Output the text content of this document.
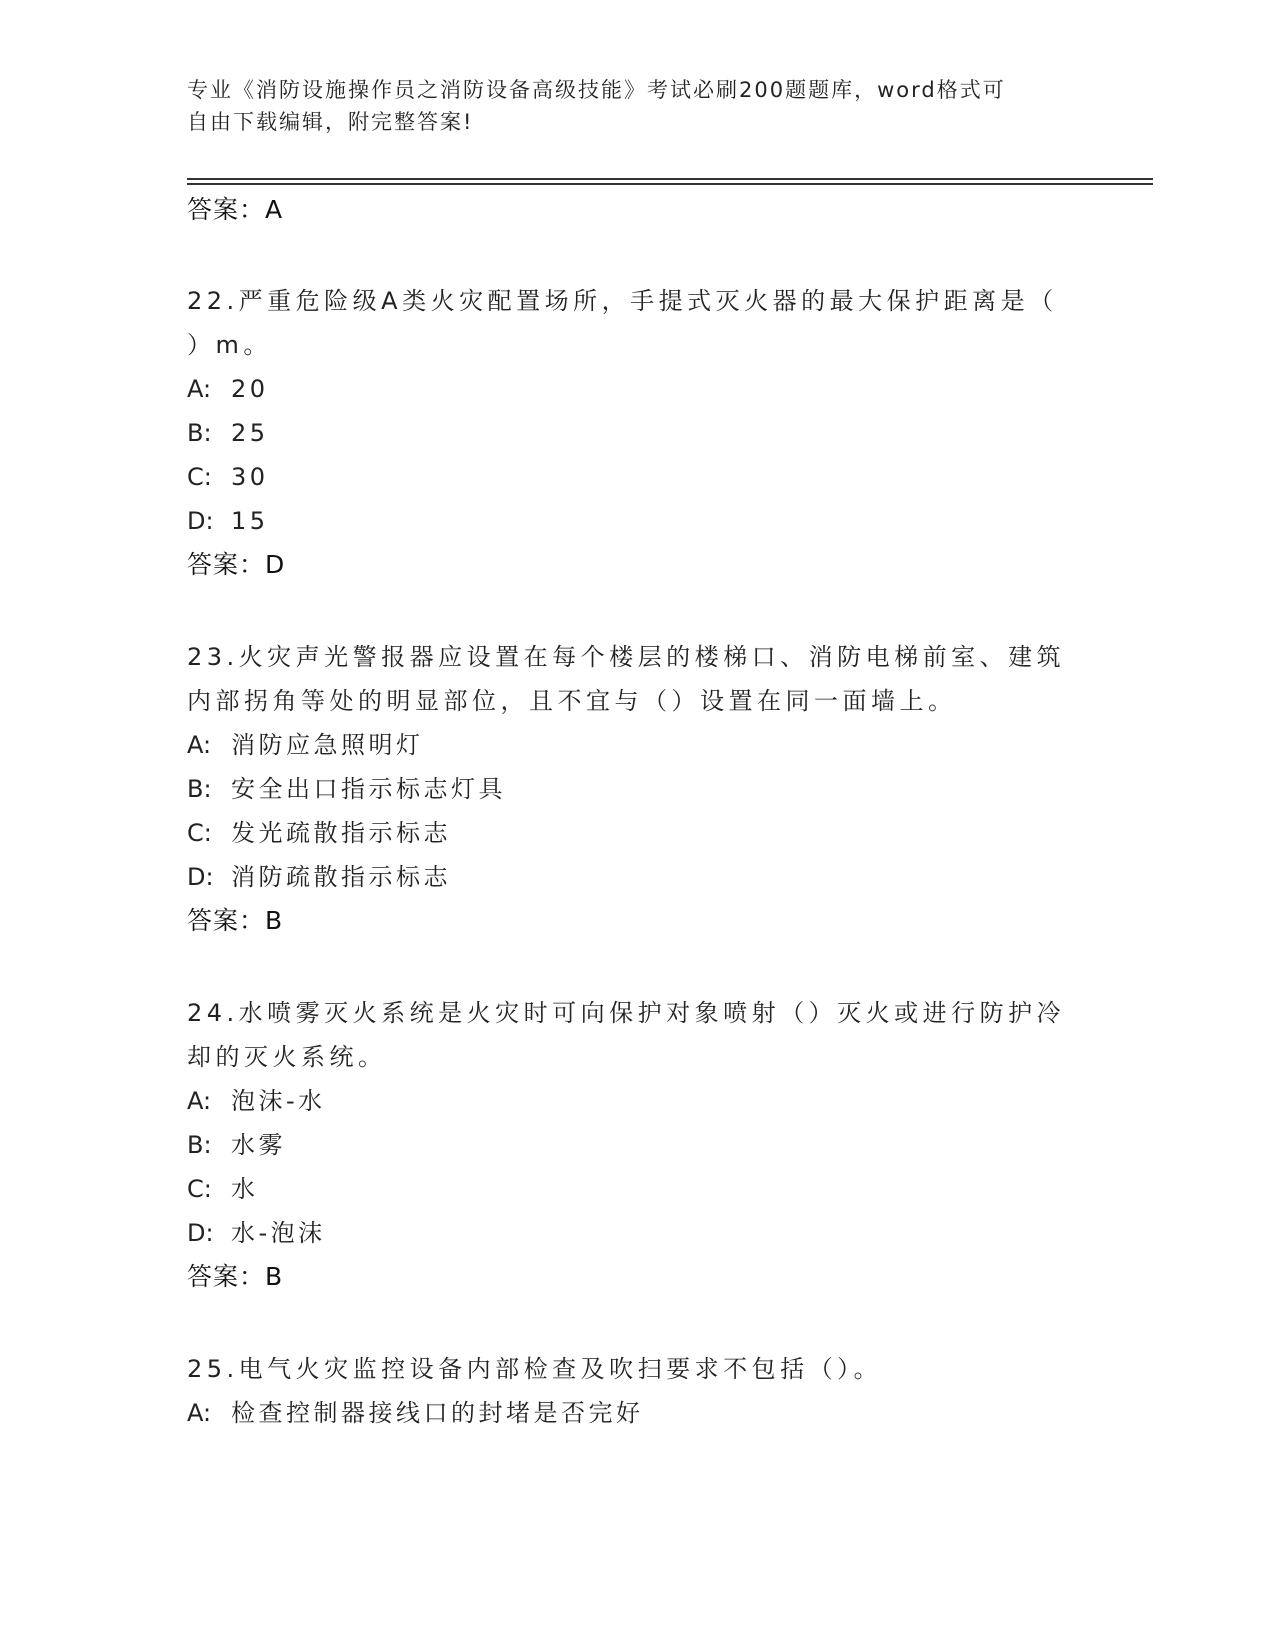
专业《消防设施操作员之消防设备高级技能》考试必刷200题题库，word格式可
自由下载编辑，附完整答案!
答案：A
22.严重危险级A类火灾配置场所，手提式灭火器的最大保护距离是（
）m。
A: 20
B: 25
C: 30
D: 15
答案：D
23.火灾声光警报器应设置在每个楼层的楼梯口、消防电梯前室、建筑
内部拐角等处的明显部位，且不宜与（）设置在同一面墙上。
A: 消防应急照明灯
B: 安全出口指示标志灯具
C: 发光疏散指示标志
D: 消防疏散指示标志
答案：B
24.水喷雾灭火系统是火灾时可向保护对象喷射（）灭火或进行防护冷
却的灭火系统。
A: 泡沫-水
B: 水雾
C: 水
D: 水-泡沫
答案：B
25.电气火灾监控设备内部检查及吹扫要求不包括（）。
A: 检查控制器接线口的封堵是否完好
